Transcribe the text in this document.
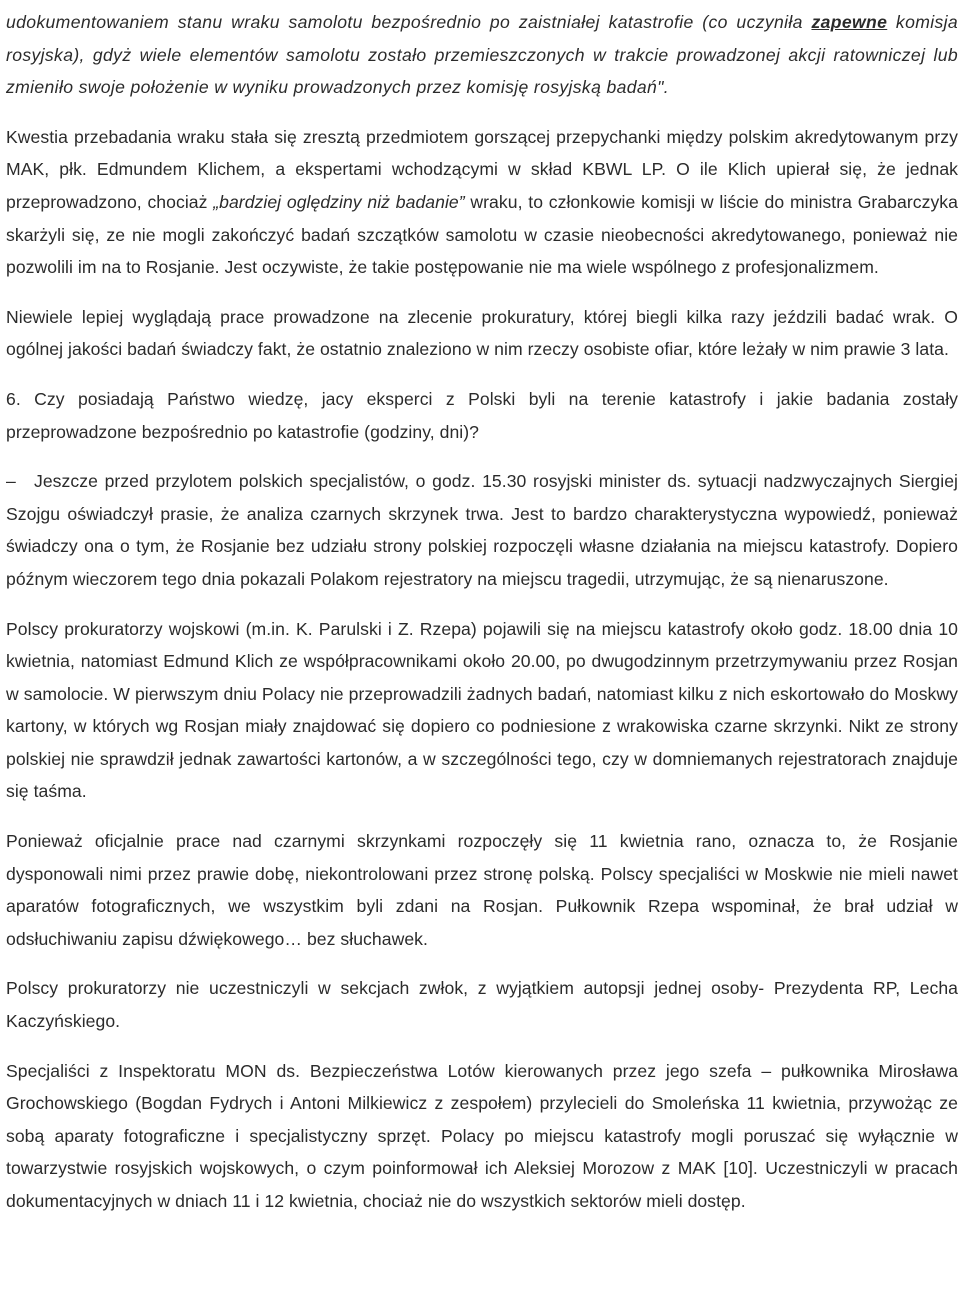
udokumentowaniem stanu wraku samolotu bezpośrednio po zaistniałej katastrofie (co uczyniła zapewne komisja rosyjska), gdyż wiele elementów samolotu zostało przemieszczonych w trakcie prowadzonej akcji ratowniczej lub zmieniło swoje położenie w wyniku prowadzonych przez komisję rosyjską badań".

Kwestia przebadania wraku stała się zresztą przedmiotem gorszącej przepychanki między polskim akredytowanym przy MAK, płk. Edmundem Klichem, a ekspertami wchodzącymi w skład KBWL LP. O ile Klich upierał się, że jednak przeprowadzono, chociaż „bardziej oględziny niż badanie” wraku, to członkowie komisji w liście do ministra Grabarczyka skarżyli się, ze nie mogli zakończyć badań szczątków samolotu w czasie nieobecności akredytowanego, ponieważ nie pozwolili im na to Rosjanie. Jest oczywiste, że takie postępowanie nie ma wiele wspólnego z profesjonalizmem.

Niewiele lepiej wyglądają prace prowadzone na zlecenie prokuratury, której biegli kilka razy jeździli badać wrak. O ogólnej jakości badań świadczy fakt, że ostatnio znaleziono w nim rzeczy osobiste ofiar, które leżały w nim prawie 3 lata.

6. Czy posiadają Państwo wiedzę, jacy eksperci z Polski byli na terenie katastrofy i jakie badania zostały przeprowadzone bezpośrednio po katastrofie (godziny, dni)?

– Jeszcze przed przylotem polskich specjalistów, o godz. 15.30 rosyjski minister ds. sytuacji nadzwyczajnych Siergiej Szojgu oświadczył prasie, że analiza czarnych skrzynek trwa. Jest to bardzo charakterystyczna wypowiedź, ponieważ świadczy ona o tym, że Rosjanie bez udziału strony polskiej rozpoczęli własne działania na miejscu katastrofy. Dopiero późnym wieczorem tego dnia pokazali Polakom rejestratory na miejscu tragedii, utrzymując, że są nienaruszone.

Polscy prokuratorzy wojskowi (m.in. K. Parulski i Z. Rzepa) pojawili się na miejscu katastrofy około godz. 18.00 dnia 10 kwietnia, natomiast Edmund Klich ze współpracownikami około 20.00, po dwugodzinnym przetrzymywaniu przez Rosjan w samolocie. W pierwszym dniu Polacy nie przeprowadzili żadnych badań, natomiast kilku z nich eskortowało do Moskwy kartony, w których wg Rosjan miały znajdować się dopiero co podniesione z wrakowiska czarne skrzynki. Nikt ze strony polskiej nie sprawdził jednak zawartości kartonów, a w szczególności tego, czy w domniemanych rejestratorach znajduje się taśma.

Ponieważ oficjalnie prace nad czarnymi skrzynkami rozpoczęły się 11 kwietnia rano, oznacza to, że Rosjanie dysponowali nimi przez prawie dobę, niekontrolowani przez stronę polską. Polscy specjaliści w Moskwie nie mieli nawet aparatów fotograficznych, we wszystkim byli zdani na Rosjan. Pułkownik Rzepa wspominał, że brał udział w odsłuchiwaniu zapisu dźwiękowego… bez słuchawek.

Polscy prokuratorzy nie uczestniczyli w sekcjach zwłok, z wyjątkiem autopsji jednej osoby- Prezydenta RP, Lecha Kaczyńskiego.

Specjaliści z Inspektoratu MON ds. Bezpieczeństwa Lotów kierowanych przez jego szefa – pułkownika Mirosława Grochowskiego (Bogdan Fydrych i Antoni Milkiewicz z zespołem) przylecieli do Smoleńska 11 kwietnia, przywożąc ze sobą aparaty fotograficzne i specjalistyczny sprzęt. Polacy po miejscu katastrofy mogli poruszać się wyłącznie w towarzystwie rosyjskich wojskowych, o czym poinformował ich Aleksiej Morozow z MAK [10]. Uczestniczyli w pracach dokumentacyjnych w dniach 11 i 12 kwietnia, chociaż nie do wszystkich sektorów mieli dostęp.
